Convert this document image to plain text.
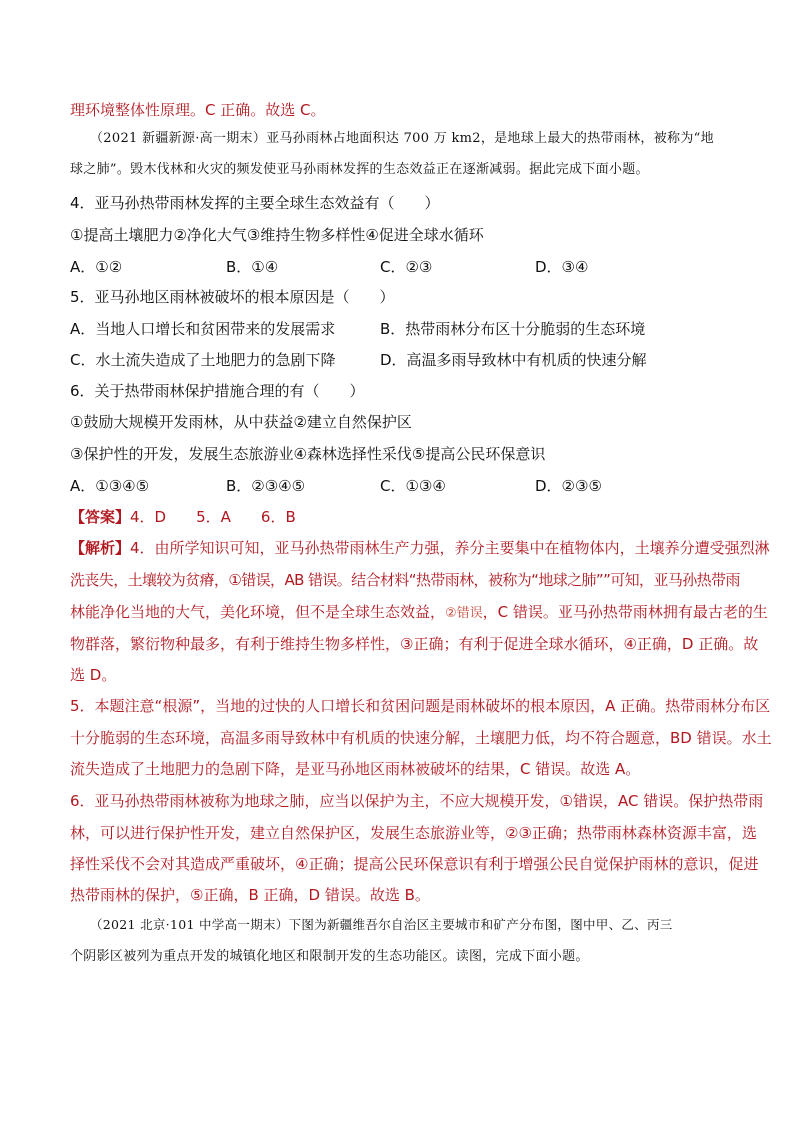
理环境整体性原理。C 正确。故选 C。
（2021 新疆新源·高一期末）亚马孙雨林占地面积达 700 万 km2，是地球上最大的热带雨林，被称为“地
球之肺”。毁木伐林和火灾的频发使亚马孙雨林发挥的生态效益正在逐渐减弱。据此完成下面小题。
4．亚马孙热带雨林发挥的主要全球生态效益有（　　）
①提高土壤肥力②净化大气③维持生物多样性④促进全球水循环
A．①②	B．①④	C．②③	D．③④
5．亚马孙地区雨林被破坏的根本原因是（　　）
A．当地人口增长和贫困带来的发展需求	B．热带雨林分布区十分脆弱的生态环境
C．水土流失造成了土地肥力的急剧下降	D．高温多雨导致林中有机质的快速分解
6．关于热带雨林保护措施合理的有（　　）
①鼓励大规模开发雨林，从中获益②建立自然保护区
③保护性的开发，发展生态旅游业④森林选择性采伐⑤提高公民环保意识
A．①③④⑤	B．②③④⑤	C．①③④	D．②③⑤
【答案】4．D　　5．A　　6．B
【解析】4．由所学知识可知，亚马孙热带雨林生产力强，养分主要集中在植物体内，土壤养分遭受强烈淋
洗丧失，土壤较为贫瘠，①错误，AB 错误。结合材料“热带雨林，被称为“地球之肺””可知，亚马孙热带雨
林能净化当地的大气，美化环境，但不是全球生态效益，②错误，C 错误。亚马孙热带雨林拥有最古老的生
物群落，繁衍物种最多，有利于维持生物多样性，③正确；有利于促进全球水循环，④正确，D 正确。故
选 D。
5．本题注意“根源”，当地的过快的人口增长和贫困问题是雨林破坏的根本原因，A 正确。热带雨林分布区
十分脆弱的生态环境，高温多雨导致林中有机质的快速分解，土壤肥力低，均不符合题意，BD 错误。水土
流失造成了土地肥力的急剧下降，是亚马孙地区雨林被破坏的结果，C 错误。故选 A。
6．亚马孙热带雨林被称为地球之肺，应当以保护为主，不应大规模开发，①错误，AC 错误。保护热带雨
林，可以进行保护性开发，建立自然保护区，发展生态旅游业等，②③正确；热带雨林森林资源丰富，选
择性采伐不会对其造成严重破坏，④正确；提高公民环保意识有利于增强公民自觉保护雨林的意识，促进
热带雨林的保护，⑤正确，B 正确，D 错误。故选 B。
（2021 北京·101 中学高一期末）下图为新疆维吾尔自治区主要城市和矿产分布图，图中甲、乙、丙三
个阴影区被列为重点开发的城镇化地区和限制开发的生态功能区。读图，完成下面小题。
